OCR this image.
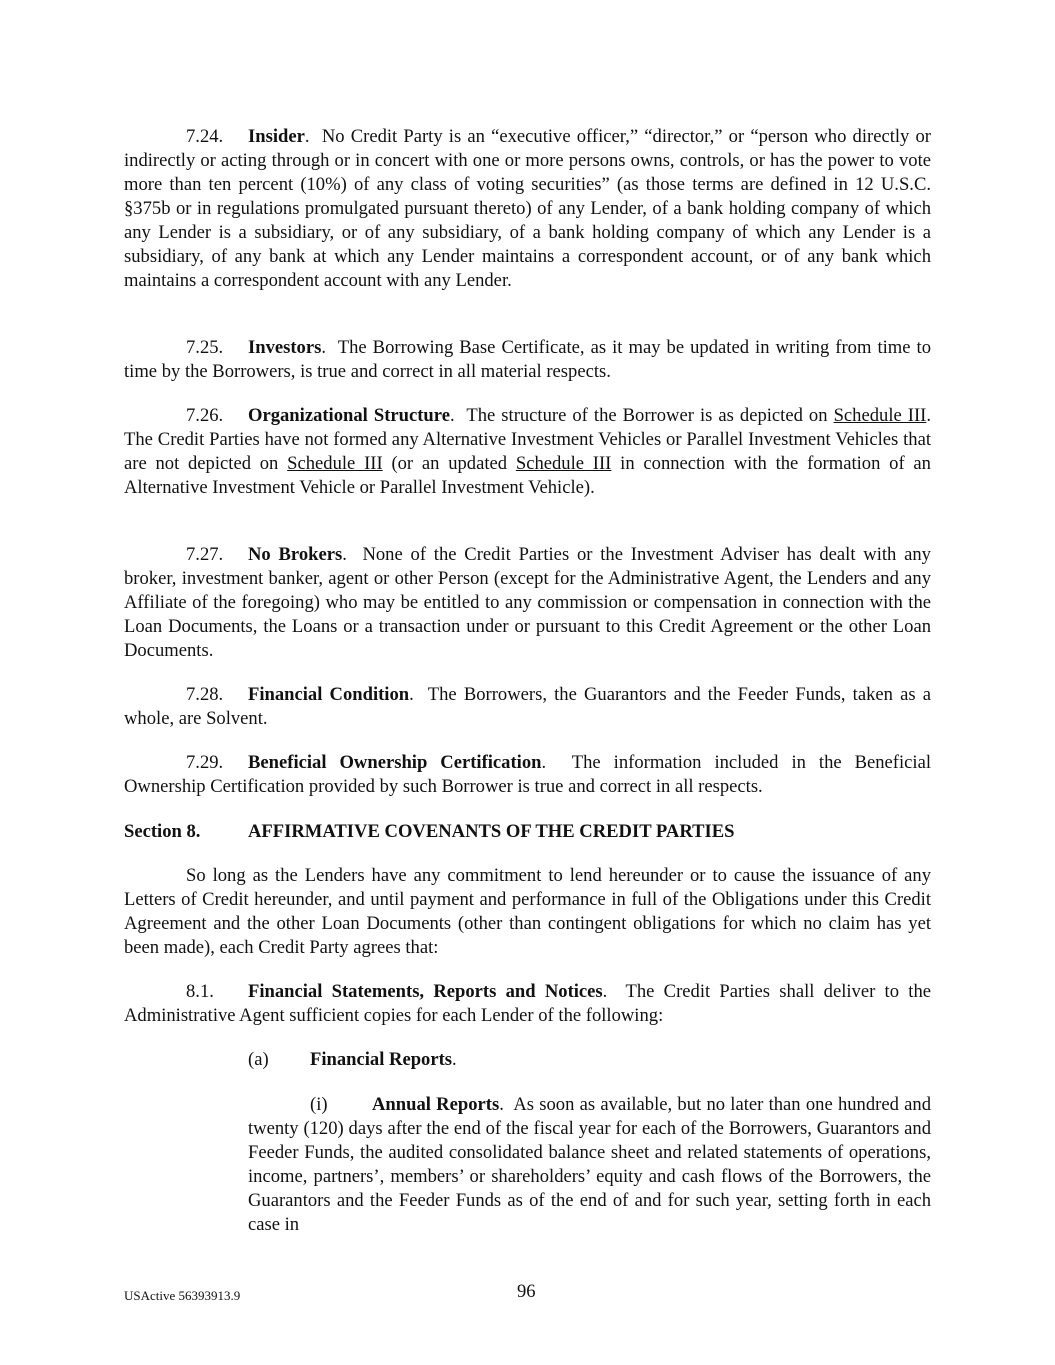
7.24. Insider.  No Credit Party is an “executive officer,” “director,” or “person who directly or indirectly or acting through or in concert with one or more persons owns, controls, or has the power to vote more than ten percent (10%) of any class of voting securities” (as those terms are defined in 12 U.S.C. §375b or in regulations promulgated pursuant thereto) of any Lender, of a bank holding company of which any Lender is a subsidiary, or of any subsidiary, of a bank holding company of which any Lender is a subsidiary, of any bank at which any Lender maintains a correspondent account, or of any bank which maintains a correspondent account with any Lender.

7.25. Investors.  The Borrowing Base Certificate, as it may be updated in writing from time to time by the Borrowers, is true and correct in all material respects.

7.26. Organizational Structure.  The structure of the Borrower is as depicted on Schedule III. The Credit Parties have not formed any Alternative Investment Vehicles or Parallel Investment Vehicles that are not depicted on Schedule III (or an updated Schedule III in connection with the formation of an Alternative Investment Vehicle or Parallel Investment Vehicle).

7.27. No Brokers.  None of the Credit Parties or the Investment Adviser has dealt with any broker, investment banker, agent or other Person (except for the Administrative Agent, the Lenders and any Affiliate of the foregoing) who may be entitled to any commission or compensation in connection with the Loan Documents, the Loans or a transaction under or pursuant to this Credit Agreement or the other Loan Documents.

7.28. Financial Condition.  The Borrowers, the Guarantors and the Feeder Funds, taken as a whole, are Solvent.

7.29. Beneficial Ownership Certification.  The information included in the Beneficial Ownership Certification provided by such Borrower is true and correct in all respects.

Section 8.	AFFIRMATIVE COVENANTS OF THE CREDIT PARTIES

So long as the Lenders have any commitment to lend hereunder or to cause the issuance of any Letters of Credit hereunder, and until payment and performance in full of the Obligations under this Credit Agreement and the other Loan Documents (other than contingent obligations for which no claim has yet been made), each Credit Party agrees that:

8.1. Financial Statements, Reports and Notices.  The Credit Parties shall deliver to the Administrative Agent sufficient copies for each Lender of the following:

(a) Financial Reports.

(i) Annual Reports.  As soon as available, but no later than one hundred and twenty (120) days after the end of the fiscal year for each of the Borrowers, Guarantors and Feeder Funds, the audited consolidated balance sheet and related statements of operations, income, partners’, members’ or shareholders’ equity and cash flows of the Borrowers, the Guarantors and the Feeder Funds as of the end of and for such year, setting forth in each case in

USActive 56393913.9	96
